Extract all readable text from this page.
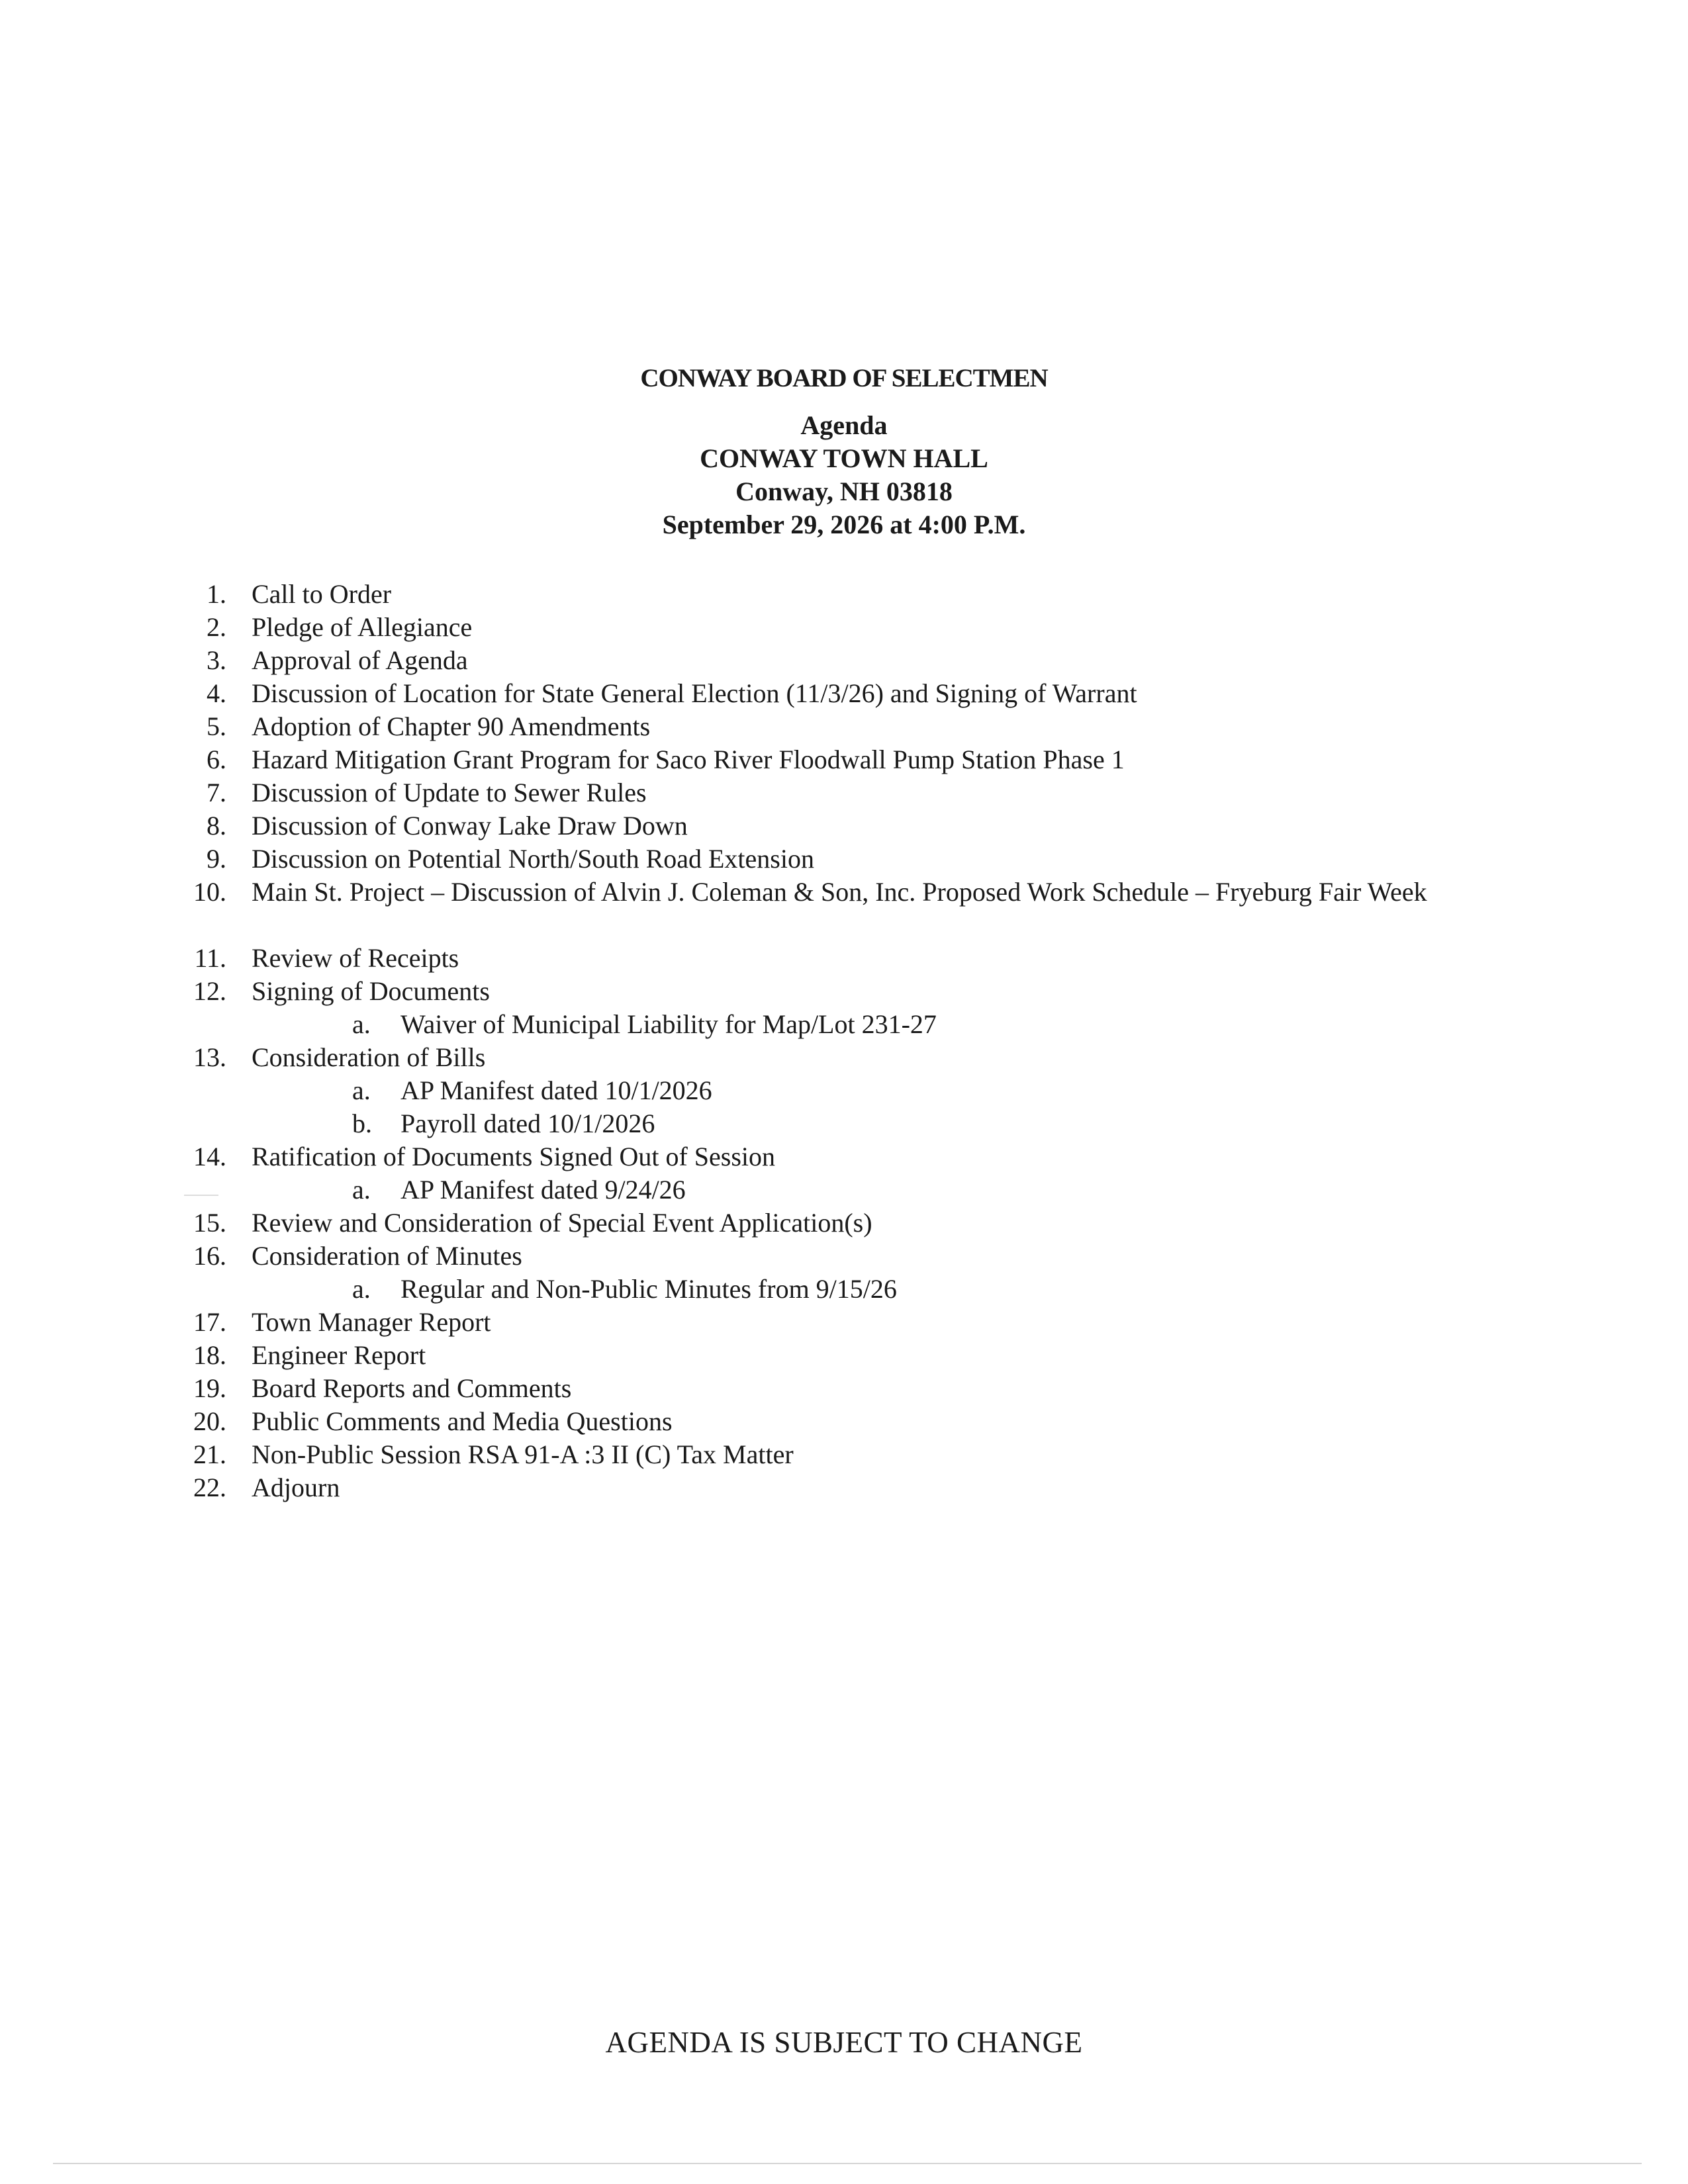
CONWAY BOARD OF SELECTMEN
Agenda
CONWAY TOWN HALL
Conway, NH 03818
September 29, 2026 at 4:00 P.M.
1. Call to Order
2. Pledge of Allegiance
3. Approval of Agenda
4. Discussion of Location for State General Election (11/3/26) and Signing of Warrant
5. Adoption of Chapter 90 Amendments
6. Hazard Mitigation Grant Program for Saco River Floodwall Pump Station Phase 1
7. Discussion of Update to Sewer Rules
8. Discussion of Conway Lake Draw Down
9. Discussion on Potential North/South Road Extension
10. Main St. Project – Discussion of Alvin J. Coleman & Son, Inc. Proposed Work Schedule – Fryeburg Fair Week
11. Review of Receipts
12. Signing of Documents
a. Waiver of Municipal Liability for Map/Lot 231-27
13. Consideration of Bills
a. AP Manifest dated 10/1/2026
b. Payroll dated 10/1/2026
14. Ratification of Documents Signed Out of Session
a. AP Manifest dated 9/24/26
15. Review and Consideration of Special Event Application(s)
16. Consideration of Minutes
a. Regular and Non-Public Minutes from 9/15/26
17. Town Manager Report
18. Engineer Report
19. Board Reports and Comments
20. Public Comments and Media Questions
21. Non-Public Session RSA 91-A :3 II (C) Tax Matter
22. Adjourn
AGENDA IS SUBJECT TO CHANGE
